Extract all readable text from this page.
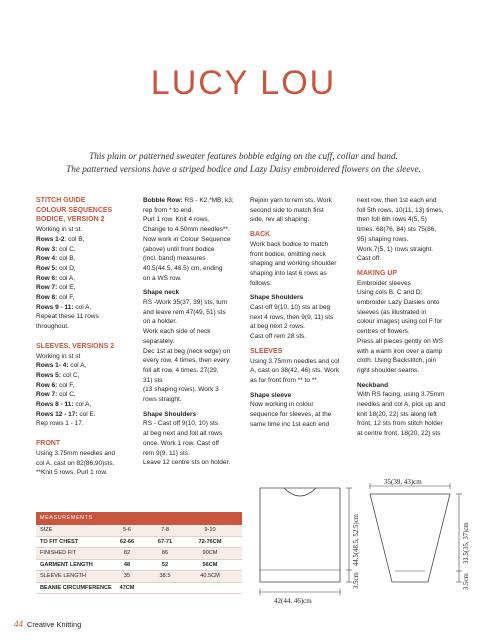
LUCY LOU

This plain or patterned sweater features bobble edging on the cuff, collar and band.

The patterned versions have a striped bodice and Lazy Daisy embroidered flowers on the sleeve.

STITCH GUIDE
COLOUR SEQUENCES
BODICE, VERSION 2
Working in st st.
Rows 1-2: col B,
Row 3: col C,
Row 4: col B,
Row 5: col D,
Row 6: col A,
Row 7: col E,
Row 8: col F,
Rows 9 - 11: col A.
Repeat these 11 rows
throughout.
SLEEVES, VERSIONS 2
Working in st st
Rows 1- 4: col A,
Rows 5: col C,
Row 6: col F,
Row 7: col C,
Rows 8 - 11: col A,
Rows 12 - 17: col E.
Rep rows 1 - 17.
FRONT
Using 3.75mm needles and
col A, cast on 82(86,90)sts.
**Knit 5 rows. Purl 1 row.
Bobble Row: RS - K2,*MB, k3;
rep from * to end.
Purl 1 row. Knit 4 rows.
Change to 4.50mm needles**.
Now work in Colour Sequence
(above) until front bodice
(incl. band) measures
40.5(44.5, 48.5) cm, ending
on a WS row.
Shape neck
RS -Work 35(37, 39) sts, turn
and leave rem 47(49, 51) sts
on a holder.
Work each side of neck
separately.
Dec 1st at beg (neck edge) on
every row, 4 times, then every
foll alt row, 4 times. 27(29,
31) sts
(13 shaping rows). Work 3
rows straight.
Shape Shoulders
RS - Cast off 9(10, 10) sts
at beg next and foll alt rows
once. Work 1 row. Cast off
rem 9(9, 11) sts.
Leave 12 centre sts on holder.
Rejoin yarn to rem sts. Work
second side to match first
side, rev all shaping.
BACK
Work back bodice to match
front bodice, omitting neck
shaping and working shoulder
shaping into last 6 rows as
follows:
Shape Shoulders
Cast off 9(10, 10) sts at beg
next 4 rows, then 9(9, 11) sts
at beg next 2 rows.
Cast off rem 28 sts.
SLEEVES
Using 3.75mm needles and col
A, cast on 38(42, 46) sts. Work
as for front from ** to **.
Shape sleeve
Now working in colour
sequence for sleeves, at the
same time inc 1st each end
next row, then 1st each end
foll 5th rows, 10(11, 13) times,
then foll 6th rows 4(5, 5)
times. 68(76, 84) sts 75(86,
95) shaping rows.
Work 7(5, 1) rows straight.
Cast off.
MAKING UP
Embroider sleeves
Using cols B, C and D;
embroider Lazy Daisies onto
sleeves (as illustrated in
colour images) using col F for
centres of flowers.
Press all pieces gently on WS
with a warm iron over a damp
cloth. Using Backstitch, join
right shoulder seams.
Neckband
With RS facing, using 3.75mm
needles and col A, pick up and
knit 18(20, 22) sts along left
front, 12 sts from stitch holder
at centre front, 18(20, 22) sts
MEASUREMENTS
SIZE	5-6	7-8	9-10
TO FIT CHEST	62-66	67-71	72-76CM
FINISHED FIT	82	86	90CM
GARMENT LENGTH	48	52	56CM
SLEEVE LENGTH	35	38.5	40.5CM
BEANIE CIRCUMFERENCE	47CM
44.5(48.5, 52.5)cm
3.5cm
42(44, 46)cm
35(39, 43)cm
31.5(35, 37)cm
3.5cm
44 Creative Knitting
